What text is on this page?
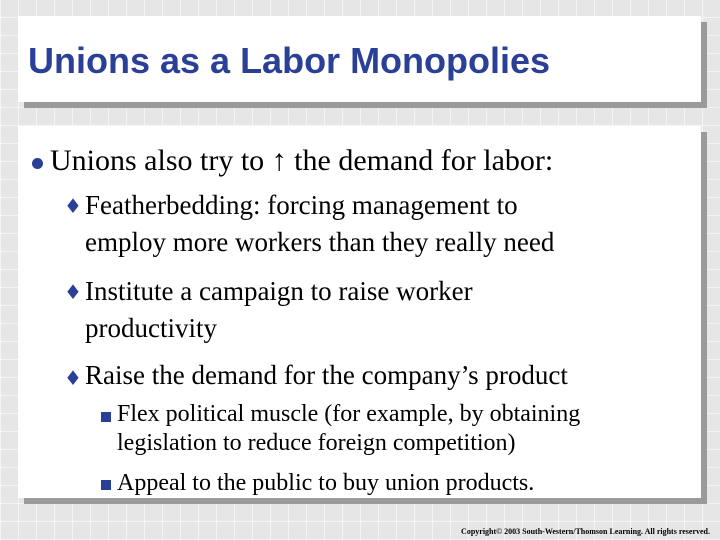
Unions as a Labor Monopolies
Unions also try to ↑ the demand for labor:
♦ Featherbedding: forcing management to
employ more workers than they really need
♦ Institute a campaign to raise worker
productivity
♦ Raise the demand for the company’s product
Flex political muscle (for example, by obtaining
legislation to reduce foreign competition)
Appeal to the public to buy union products.
Copyright© 2003 South-Western/Thomson Learning. All rights reserved.
